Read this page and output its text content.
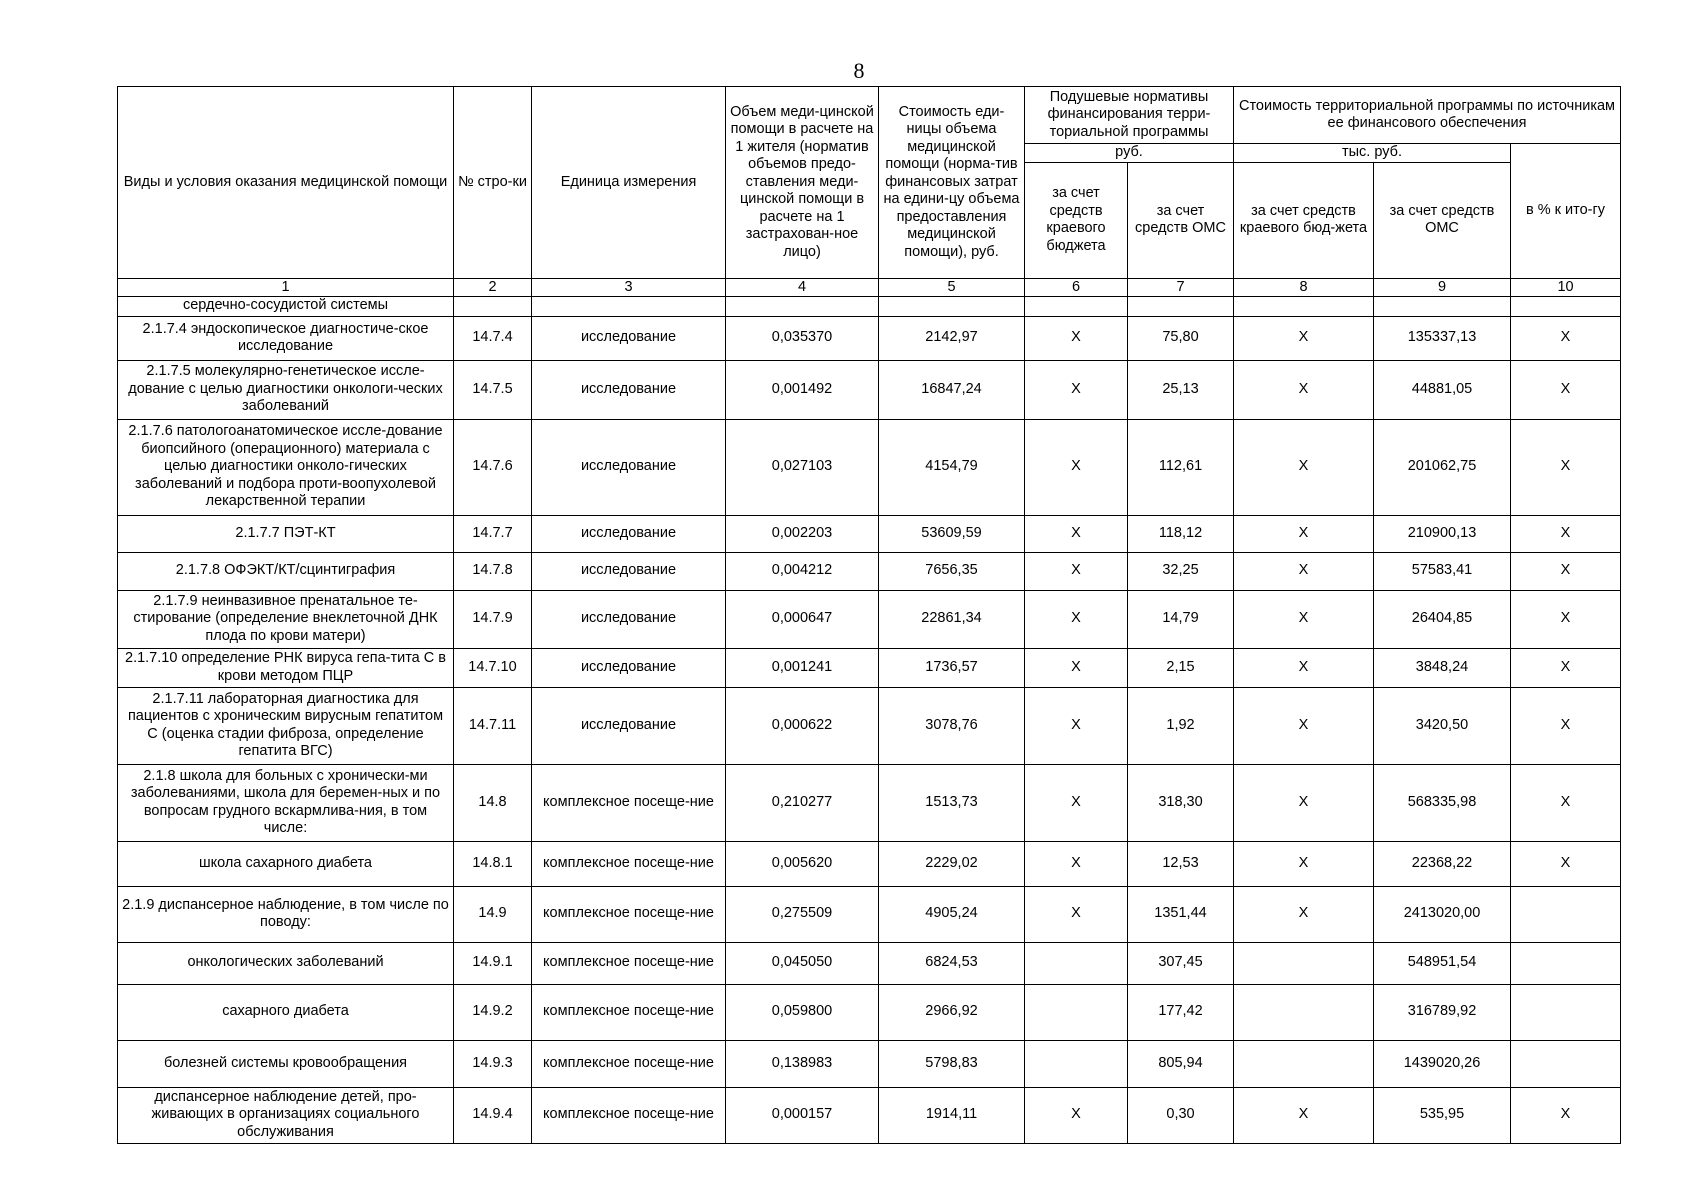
8
Виды и условия оказания медицинской помощи	№ стро-ки	Единица измерения	Объем меди-цинской помощи в расчете на 1 жителя (норматив объемов предо-ставления меди-цинской помощи в расчете на 1 застрахован-ное лицо)	Стоимость еди-ницы объема медицинской помощи (норма-тив финансовых затрат на едини-цу объема предоставления медицинской помощи), руб.	Подушевые нормативы финансирования терри-ториальной программы		Стоимость территориальной программы по источникам ее финансового обеспечения		
					руб.		тыс. руб.		в % к ито-гу
					за счет средств краевого бюджета	за счет средств ОМС	за счет средств краевого бюд-жета	за счет средств ОМС	
1	2	3	4	5	6	7	8	9	10
сердечно-сосудистой системы									
2.1.7.4 эндоскопическое диагностиче-ское исследование	14.7.4	исследование	0,035370	2142,97	Х	75,80	Х	135337,13	Х
2.1.7.5 молекулярно-генетическое иссле-дование с целью диагностики онкологи-ческих заболеваний	14.7.5	исследование	0,001492	16847,24	Х	25,13	Х	44881,05	Х
2.1.7.6 патологоанатомическое иссле-дование биопсийного (операционного) материала с целью диагностики онколо-гических заболеваний и подбора проти-воопухолевой лекарственной терапии	14.7.6	исследование	0,027103	4154,79	Х	112,61	Х	201062,75	Х
2.1.7.7 ПЭТ-КТ	14.7.7	исследование	0,002203	53609,59	Х	118,12	Х	210900,13	Х
2.1.7.8 ОФЭКТ/КТ/сцинтиграфия	14.7.8	исследование	0,004212	7656,35	Х	32,25	Х	57583,41	Х
2.1.7.9 неинвазивное пренатальное те-стирование (определение внеклеточной ДНК плода по крови матери)	14.7.9	исследование	0,000647	22861,34	Х	14,79	Х	26404,85	Х
2.1.7.10 определение РНК вируса гепа-тита С в крови методом ПЦР	14.7.10	исследование	0,001241	1736,57	Х	2,15	Х	3848,24	Х
2.1.7.11 лабораторная диагностика для пациентов с хроническим вирусным гепатитом С (оценка стадии фиброза, определение гепатита ВГС)	14.7.11	исследование	0,000622	3078,76	Х	1,92	Х	3420,50	Х
2.1.8 школа для больных с хронически-ми заболеваниями, школа для беремен-ных и по вопросам грудного вскармлива-ния, в том числе:	14.8	комплексное посеще-ние	0,210277	1513,73	Х	318,30	Х	568335,98	Х
школа сахарного диабета	14.8.1	комплексное посеще-ние	0,005620	2229,02	Х	12,53	Х	22368,22	Х
2.1.9 диспансерное наблюдение, в том числе по поводу:	14.9	комплексное посеще-ние	0,275509	4905,24	Х	1351,44	Х	2413020,00	
онкологических заболеваний	14.9.1	комплексное посеще-ние	0,045050	6824,53		307,45		548951,54	
сахарного диабета	14.9.2	комплексное посеще-ние	0,059800	2966,92		177,42		316789,92	
болезней системы кровообращения	14.9.3	комплексное посеще-ние	0,138983	5798,83		805,94		1439020,26	
диспансерное наблюдение детей, про-живающих в организациях социального обслуживания	14.9.4	комплексное посеще-ние	0,000157	1914,11	Х	0,30	Х	535,95	Х
